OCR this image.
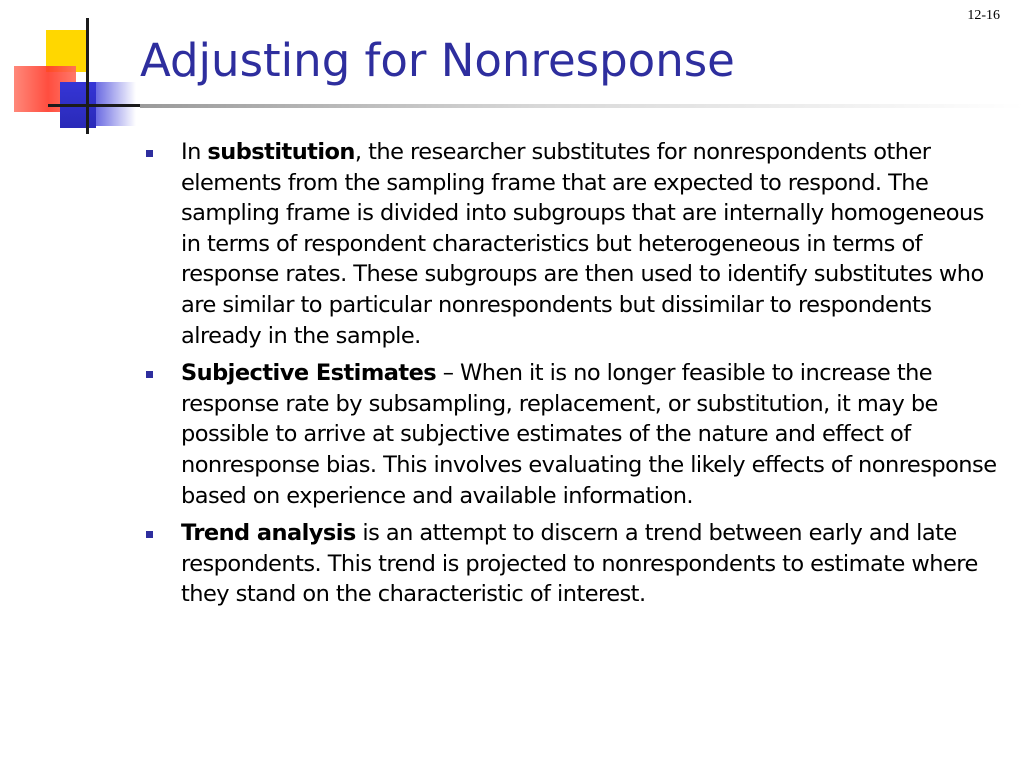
12-16
Adjusting for Nonresponse
In substitution, the researcher substitutes for nonrespondents other elements from the sampling frame that are expected to respond. The sampling frame is divided into subgroups that are internally homogeneous in terms of respondent characteristics but heterogeneous in terms of response rates. These subgroups are then used to identify substitutes who are similar to particular nonrespondents but dissimilar to respondents already in the sample.
Subjective Estimates – When it is no longer feasible to increase the response rate by subsampling, replacement, or substitution, it may be possible to arrive at subjective estimates of the nature and effect of nonresponse bias. This involves evaluating the likely effects of nonresponse based on experience and available information.
Trend analysis is an attempt to discern a trend between early and late respondents. This trend is projected to nonrespondents to estimate where they stand on the characteristic of interest.
